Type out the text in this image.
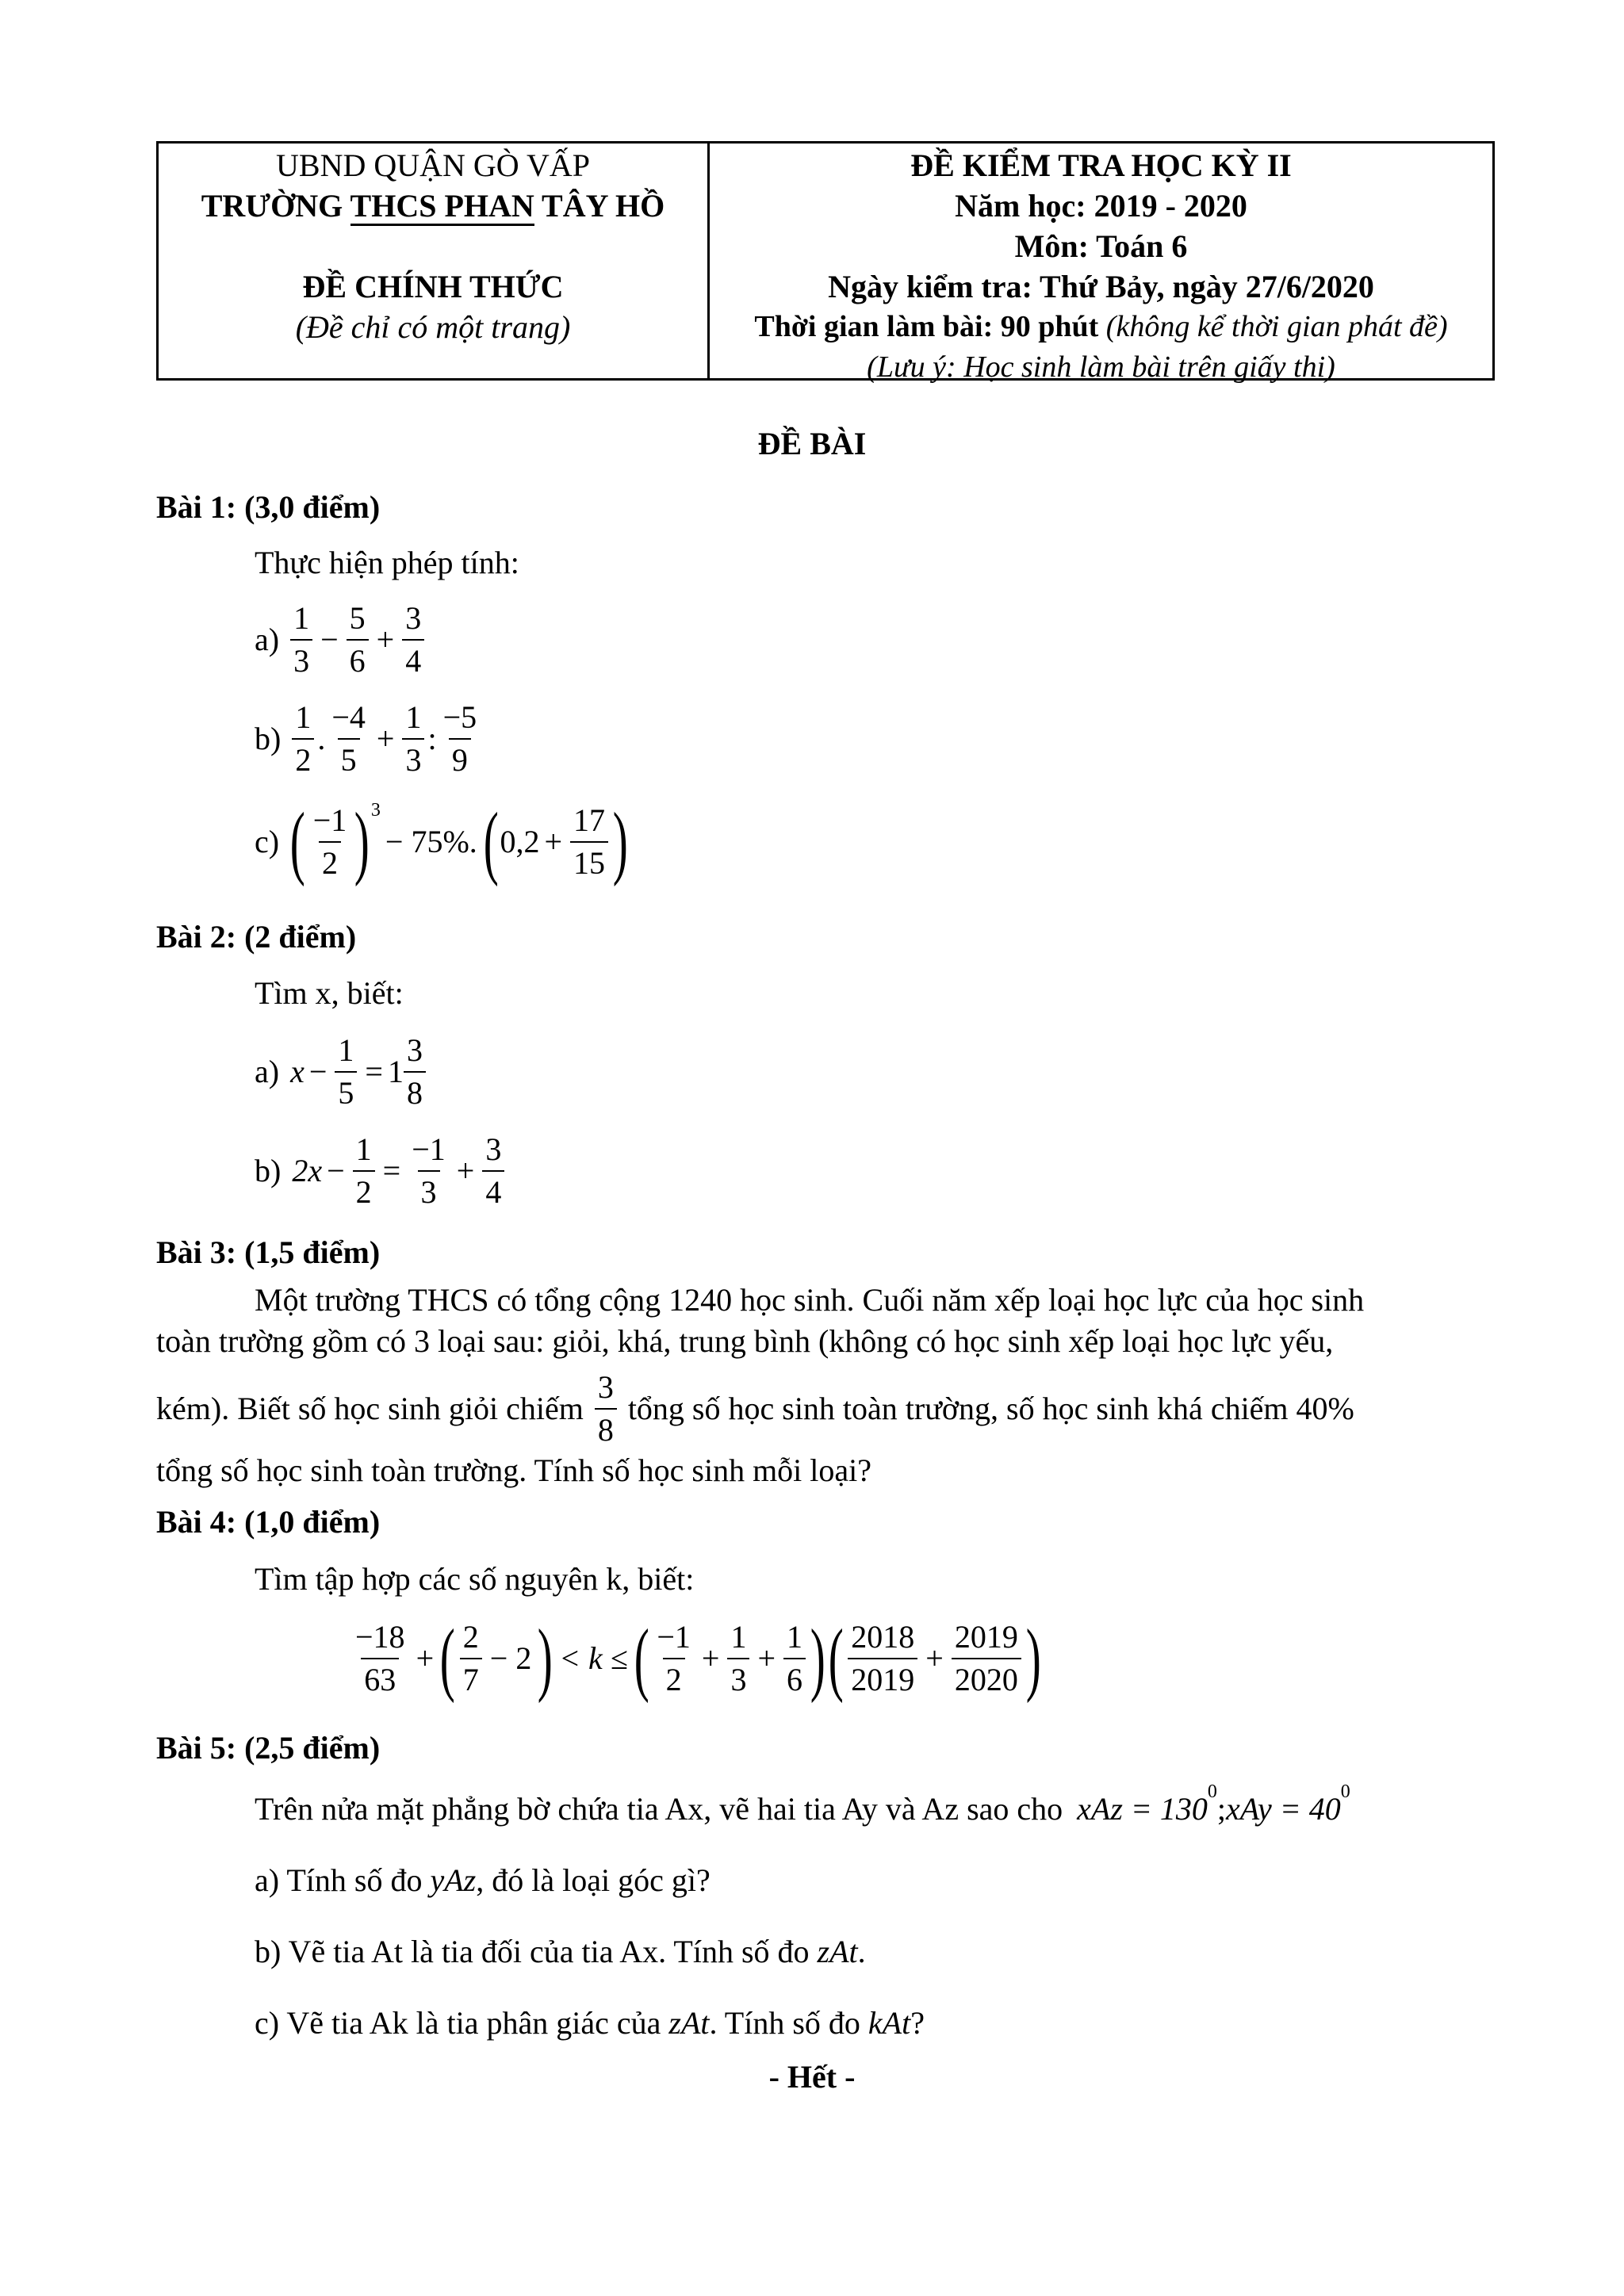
UBND QUẬN GÒ VẤP
TRƯỜNG THCS PHAN TÂY HỒ
ĐỀ CHÍNH THỨC
(Đề chỉ có một trang)
ĐỀ KIỂM TRA HỌC KỲ II
Năm học: 2019 - 2020
Môn: Toán 6
Ngày kiểm tra: Thứ Bảy, ngày 27/6/2020
Thời gian làm bài: 90 phút (không kể thời gian phát đề)
(Lưu ý: Học sinh làm bài trên giấy thi)
ĐỀ BÀI
Bài 1: (3,0 điểm)
Thực hiện phép tính:
$a) \frac{1}{3} - \frac{5}{6} + \frac{3}{4}$
$b) \frac{1}{2}$ . $\frac{-4}{5} + \frac{1}{3}$ : $\frac{-5}{9}$
c) ( $\frac{-1}{2}$ ) 3
− 75%. ( $0,2 + \frac{17}{15}$ )
Bài 2: (2 điểm)
Tìm x, biết:
a) $x - \frac{1}{5} = 1 \frac{3}{8}$
b) $2x - \frac{1}{2} = \frac{-1}{3} + \frac{3}{4}$
Bài 3: (1,5 điểm)
Một trường THCS có tổng cộng 1240 học sinh. Cuối năm xếp loại học lực của học sinh
toàn trường gồm có 3 loại sau: giỏi, khá, trung bình (không có học sinh xếp loại học lực yếu,
kém). Biết số học sinh giỏi chiếm $\frac{3}{8}$ tổng số học sinh toàn trường, số học sinh khá chiếm 40%
tổng số học sinh toàn trường. Tính số học sinh mỗi loại?
Bài 4: (1,0 điểm)
Tìm tập hợp các số nguyên k, biết:
$\frac{-18}{63}$ + ( $\frac{2}{7} - 2$ ) < k ≤ ( $\frac{-1}{2} + \frac{1}{3} + \frac{1}{6}$ ) ( $\frac{2018}{2019} + \frac{2019}{2020}$ )
Bài 5: (2,5 điểm)
Trên nửa mặt phẳng bờ chứa tia Ax, vẽ hai tia Ay và Az sao cho xAz = 130 0 ; xAy = 40 0
a) Tính số đo yAz, đó là loại góc gì?
b) Vẽ tia At là tia đối của tia Ax. Tính số đo zAt.
c) Vẽ tia Ak là tia phân giác của zAt. Tính số đo kAt?
- Hết -
